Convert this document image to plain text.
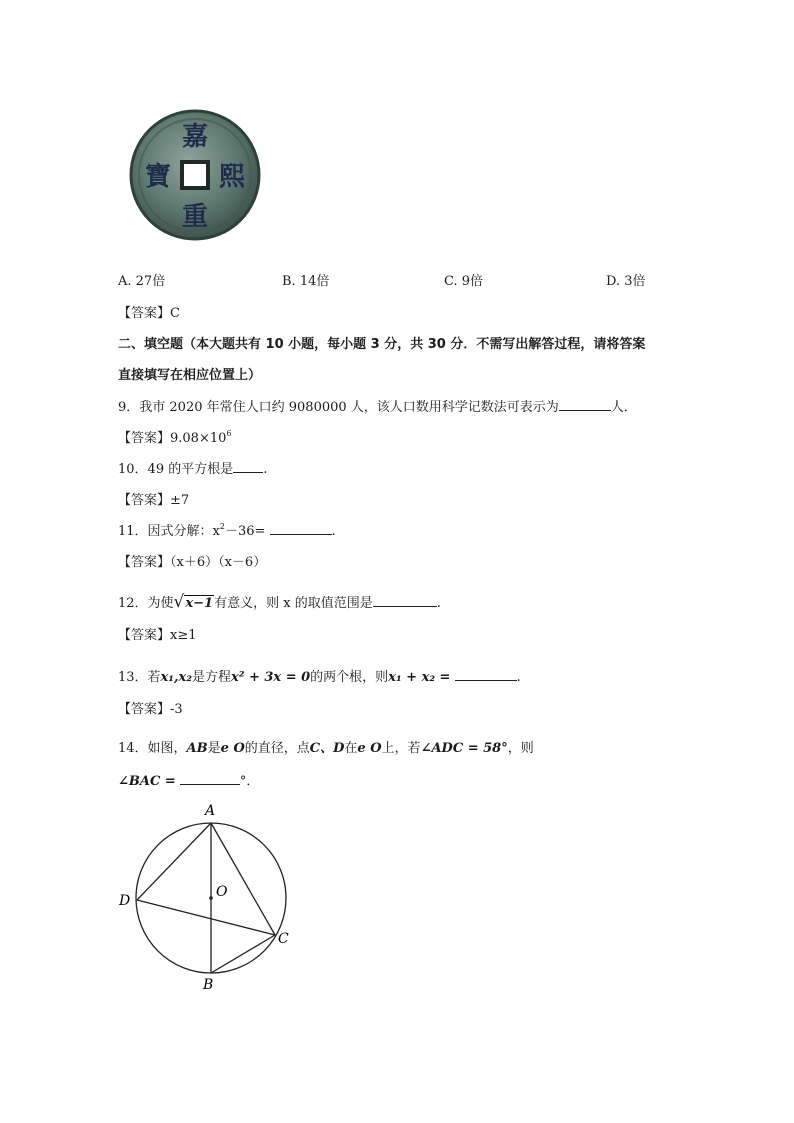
嘉
熙
重
寶
A. 27倍	B. 14倍	C. 9倍	D. 3倍
【答案】C
二、填空题（本大题共有 10 小题，每小题 3 分，共 30 分．不需写出解答过程，请将答案
直接填写在相应位置上）
9．我市 2020 年常住人口约 9080000 人，该人口数用科学记数法可表示为	人．
【答案】$9.08\times 10^6$
10．49 的平方根是 .
【答案】±7
11．因式分解：$x^2-36=$	.
【答案】（x＋6）（x－6）
12．为使√x−1有意义，则 x 的取值范围是	.
【答案】x≥1
13．若x₁,x₂是方程x² + 3x = 0的两个根，则x₁ + x₂ =	.
【答案】-3
14．如图，AB是e O的直径，点C、D在e O上，若∠ADC = 58°，则
∠BAC =	°．
A
B
C
D
O
